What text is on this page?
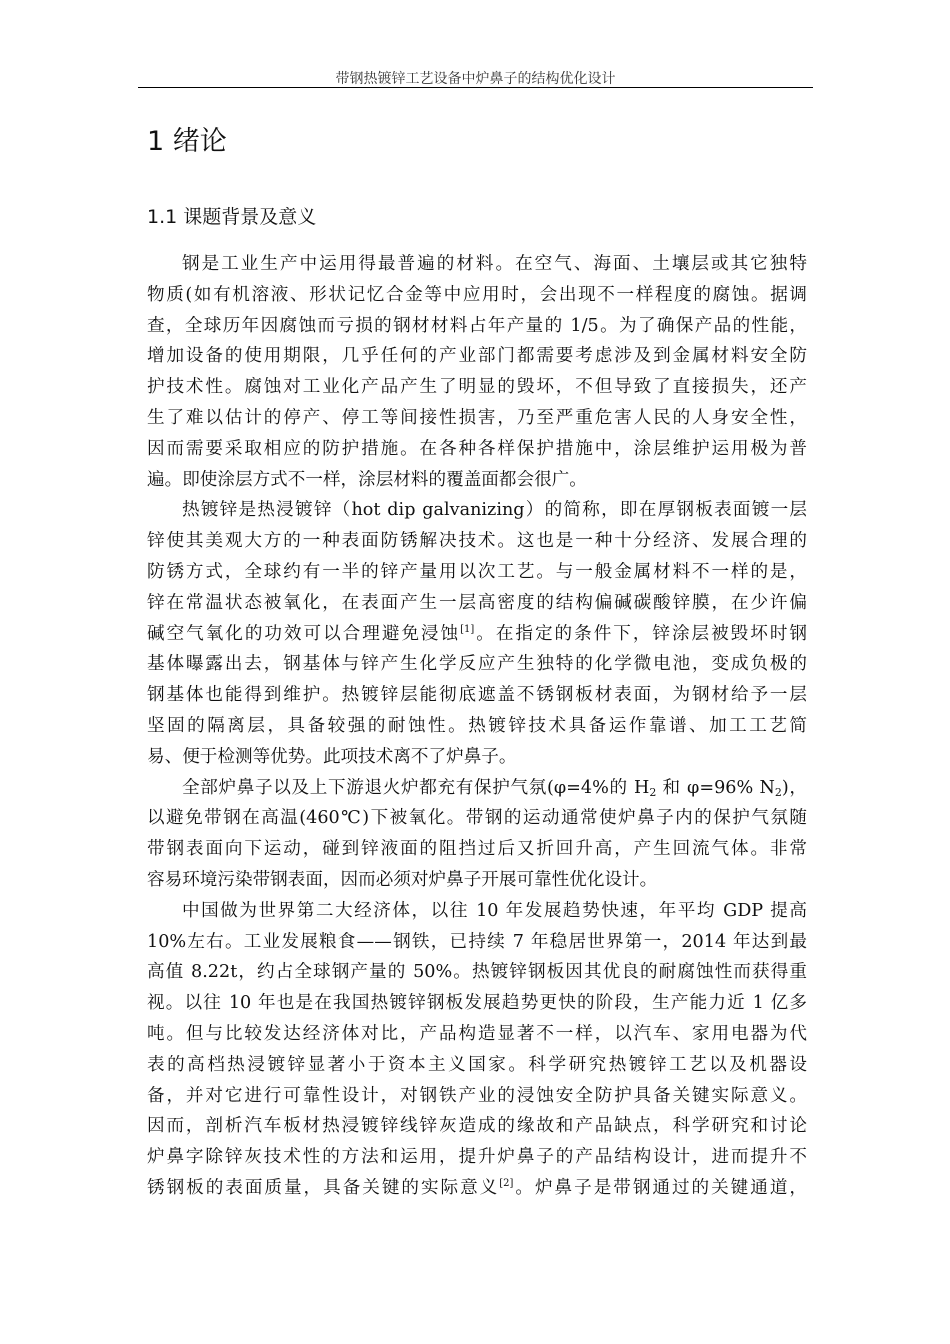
带钢热镀锌工艺设备中炉鼻子的结构优化设计
1 绪论
1.1 课题背景及意义
钢是工业生产中运用得最普遍的材料。在空气、海面、土壤层或其它独特
物质(如有机溶液、形状记忆合金等中应用时，会出现不一样程度的腐蚀。据调
查，全球历年因腐蚀而亏损的钢材材料占年产量的 1/5。为了确保产品的性能，
增加设备的使用期限，几乎任何的产业部门都需要考虑涉及到金属材料安全防
护技术性。腐蚀对工业化产品产生了明显的毁坏，不但导致了直接损失，还产
生了难以估计的停产、停工等间接性损害，乃至严重危害人民的人身安全性，
因而需要采取相应的防护措施。在各种各样保护措施中，涂层维护运用极为普
遍。即使涂层方式不一样，涂层材料的覆盖面都会很广。
热镀锌是热浸镀锌（hot dip galvanizing）的简称，即在厚钢板表面镀一层
锌使其美观大方的一种表面防锈解决技术。这也是一种十分经济、发展合理的
防锈方式，全球约有一半的锌产量用以次工艺。与一般金属材料不一样的是，
锌在常温状态被氧化，在表面产生一层高密度的结构偏碱碳酸锌膜，在少许偏
碱空气氧化的功效可以合理避免浸蚀[1]。在指定的条件下，锌涂层被毁坏时钢
基体曝露出去，钢基体与锌产生化学反应产生独特的化学微电池，变成负极的
钢基体也能得到维护。热镀锌层能彻底遮盖不锈钢板材表面，为钢材给予一层
坚固的隔离层，具备较强的耐蚀性。热镀锌技术具备运作靠谱、加工工艺简
易、便于检测等优势。此项技术离不了炉鼻子。
全部炉鼻子以及上下游退火炉都充有保护气氛(φ=4%的 $H_2$ 和 φ=96% $N_2$)，
以避免带钢在高温(460℃)下被氧化。带钢的运动通常使炉鼻子内的保护气氛随
带钢表面向下运动，碰到锌液面的阻挡过后又折回升高，产生回流气体。非常
容易环境污染带钢表面，因而必须对炉鼻子开展可靠性优化设计。
中国做为世界第二大经济体，以往 10 年发展趋势快速，年平均 GDP 提高
10%左右。工业发展粮食——钢铁，已持续 7 年稳居世界第一，2014 年达到最
高值 8.22t，约占全球钢产量的 50%。热镀锌钢板因其优良的耐腐蚀性而获得重
视。以往 10 年也是在我国热镀锌钢板发展趋势更快的阶段，生产能力近 1 亿多
吨。但与比较发达经济体对比，产品构造显著不一样，以汽车、家用电器为代
表的高档热浸镀锌显著小于资本主义国家。科学研究热镀锌工艺以及机器设
备，并对它进行可靠性设计，对钢铁产业的浸蚀安全防护具备关键实际意义。
因而，剖析汽车板材热浸镀锌线锌灰造成的缘故和产品缺点，科学研究和讨论
炉鼻字除锌灰技术性的方法和运用，提升炉鼻子的产品结构设计，进而提升不
锈钢板的表面质量，具备关键的实际意义[2]。炉鼻子是带钢通过的关键通道，
